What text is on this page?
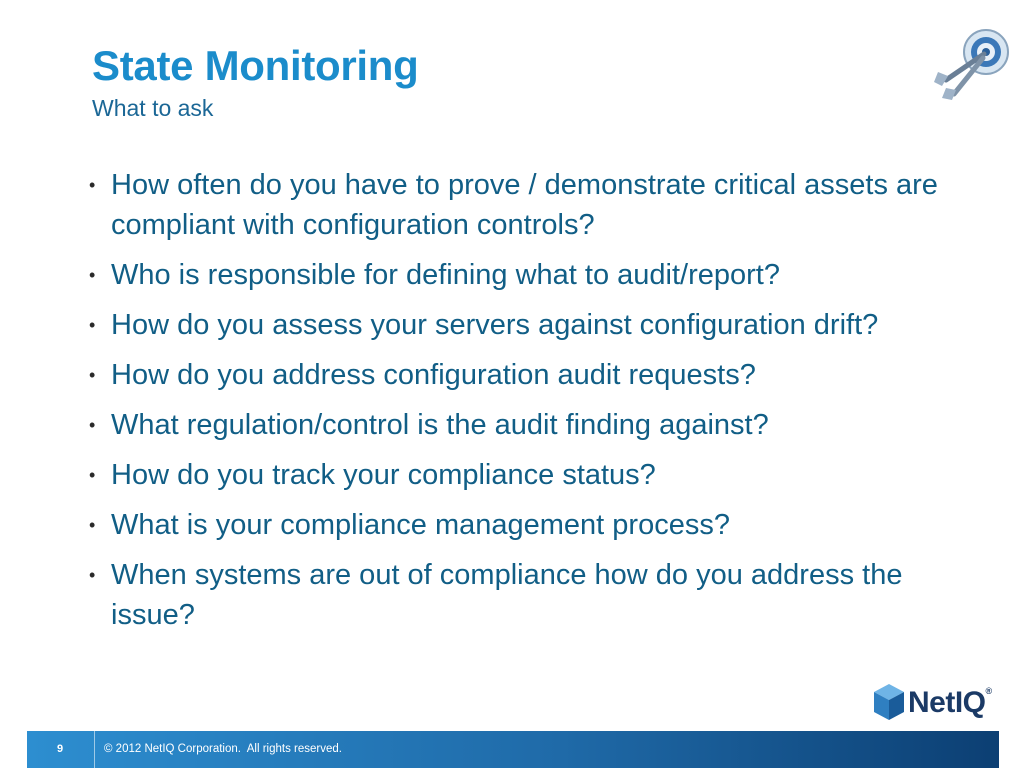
State Monitoring
What to ask
• How often do you have to prove / demonstrate critical assets are compliant with configuration controls?
• Who is responsible for defining what to audit/report?
• How do you assess your servers against configuration drift?
• How do you address configuration audit requests?
• What regulation/control is the audit finding against?
• How do you track your compliance status?
• What is your compliance management process?
• When systems are out of compliance how do you address the issue?
NetIQ®
9	© 2012 NetIQ Corporation.  All rights reserved.
